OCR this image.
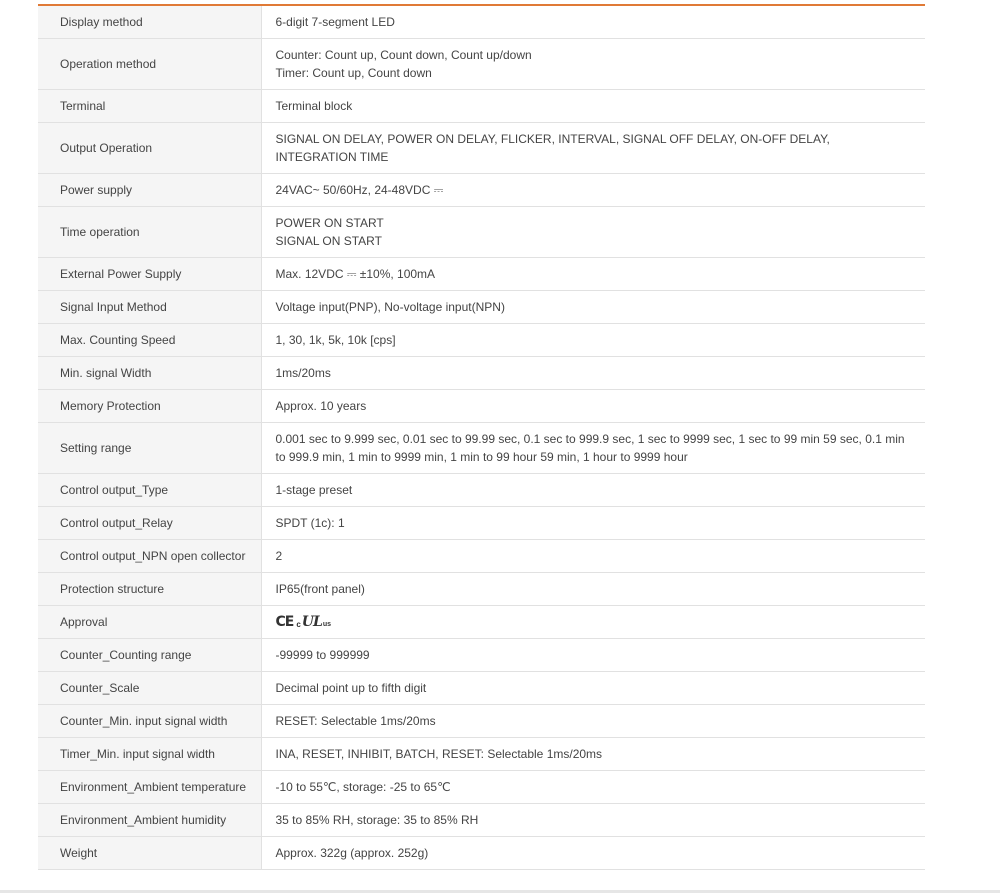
Display method	6-digit 7-segment LED

Operation method	Counter: Count up, Count down, Count up/down
Timer: Count up, Count down

Terminal	Terminal block

Output Operation	SIGNAL ON DELAY, POWER ON DELAY, FLICKER, INTERVAL, SIGNAL OFF DELAY, ON-OFF DELAY, INTEGRATION TIME

Power supply	24VAC~ 50/60Hz, 24-48VDC ⎓

Time operation	POWER ON START
SIGNAL ON START

External Power Supply	Max. 12VDC ⎓ ±10%, 100mA

Signal Input Method	Voltage input(PNP), No-voltage input(NPN)

Max. Counting Speed	1, 30, 1k, 5k, 10k [cps]

Min. signal Width	1ms/20ms

Memory Protection	Approx. 10 years

Setting range	0.001 sec to 9.999 sec, 0.01 sec to 99.99 sec, 0.1 sec to 999.9 sec, 1 sec to 9999 sec, 1 sec to 99 min 59 sec, 0.1 min to 999.9 min, 1 min to 9999 min, 1 min to 99 hour 59 min, 1 hour to 9999 hour

Control output_Type	1-stage preset

Control output_Relay	SPDT (1c): 1

Control output_NPN open collector	2

Protection structure	IP65(front panel)

Approval	CE c UL us

Counter_Counting range	-99999 to 999999

Counter_Scale	Decimal point up to fifth digit

Counter_Min. input signal width	RESET: Selectable 1ms/20ms

Timer_Min. input signal width	INA, RESET, INHIBIT, BATCH, RESET: Selectable 1ms/20ms

Environment_Ambient temperature	-10 to 55℃, storage: -25 to 65℃

Environment_Ambient humidity	35 to 85% RH, storage: 35 to 85% RH

Weight	Approx. 322g (approx. 252g)
